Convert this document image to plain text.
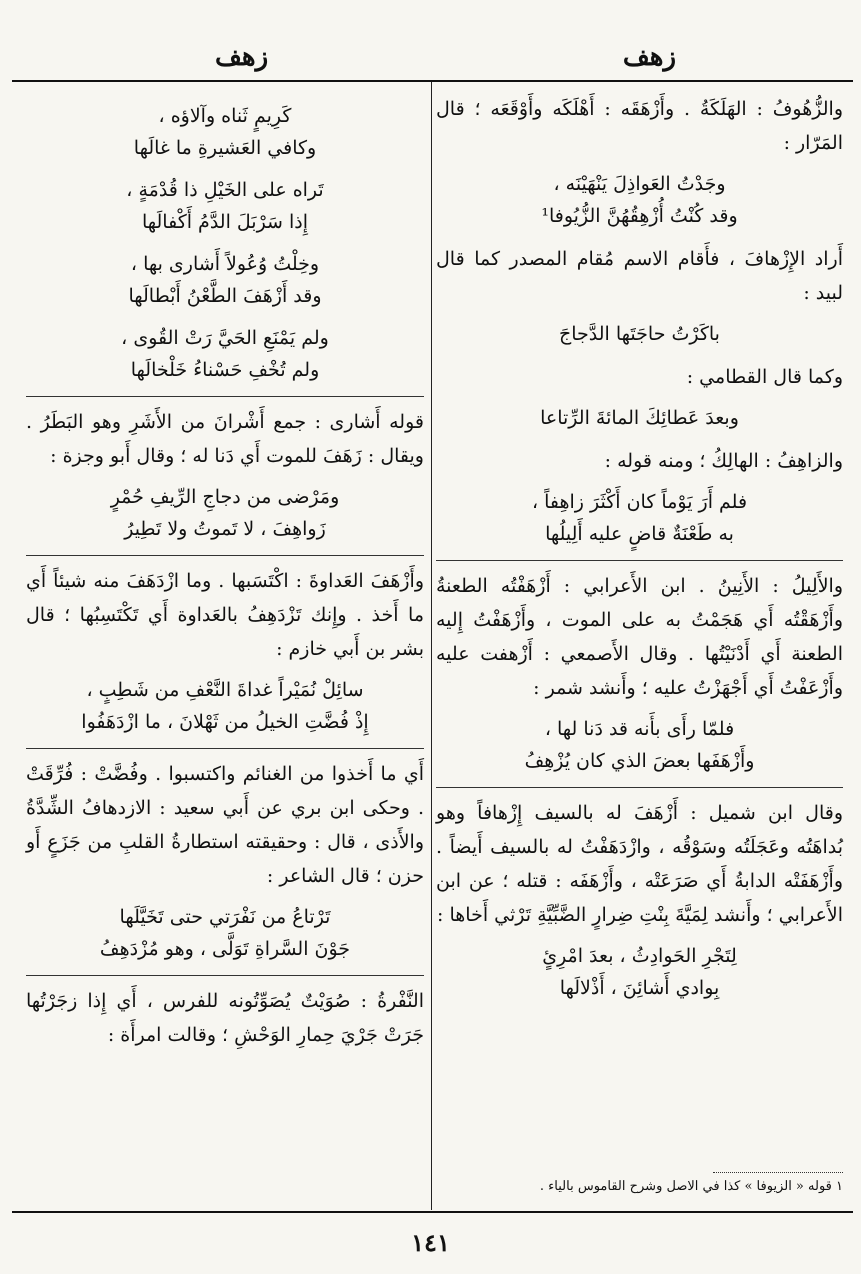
زهف
زهف

والزُّهُوفُ : الهَلَكَةُ . وأَزْهَقَه : أَهْلَكَه وأَوْقَعَه ؛ قال المَرّار :

وجَدْتُ العَواذِلَ يَنْهَيْنَه ،
وقد كُنْتُ أُزْهِقُهُنَّ الزُّيُوفا¹

أَراد الإِزْهافَ ، فأَقام الاسم مُقام المصدر كما قال لبيد :

باكَرْتُ حاجَتَها الدَّجاجَ

وكما قال القطامي :

وبعدَ عَطائِكَ المائةَ الرِّتاعا

والزاهِفُ : الهالِكُ ؛ ومنه قوله :

فلم أَرَ يَوْماً كان أَكْثَرَ زاهِفاً ،
به طَعْنَةٌ قاضٍ عليه أَلِيلُها

والأَلِيلُ : الأَنِينُ . ابن الأَعرابي : أَزْهَفْتُه الطعنةُ وأَزْهَقْتُه أَي هَجَمْتُ به على الموت ، وأَزْهَفْتُ إِليه الطعنة أَي أَدْنَيْتُها . وقال الأَصمعي : أَزْهفت عليه وأَزْعَفْتُ أَي أَجْهَزْتُ عليه ؛ وأَنشد شمر :

فلمّا رأَى بأَنه قد دَنا لها ،
وأَزْهَفَها بعضَ الذي كان يُزْهِفُ

وقال ابن شميل : أَزْهَفَ له بالسيف إِزْهافاً وهو بُداهَتُه وعَجَلَتُه وسَوْقُه ، وازْدَهَفْتُ له بالسيف أَيضاً . وأَزْهَفَتْه الدابةُ أَي صَرَعَتْه ، وأَزْهَفَه : قتله ؛ عن ابن الأَعرابي ؛ وأَنشد لِمَيَّةَ بِنْتِ ضِرارٍ الضَّبِّيَّةِ تَرْثي أَخاها :

لِتَجْرِ الحَوادِثُ ، بعدَ امْرِئٍ
بِوادي أَشائِنَ ، أَذْلالَها
١ قوله « الزيوفا » كذا في الاصل وشرح القاموس بالياء .
كَرِيمٍ ثَناه وآلاؤه ،
وكافي العَشيرةِ ما غالَها
تَراه على الخَيْلِ ذا قُدْمَةٍ ،
إِذا سَرْبَلَ الدَّمُ أَكْفالَها
وخِلْتُ وُعُولاً أَشارى بها ،
وقد أَزْهَفَ الطَّعْنُ أَبْطالَها
ولم يَمْنَعِ الحَيَّ رَتْ القُوى ،
ولم تُخْفِ حَسْناءُ خَلْخالَها

قوله أَشارى : جمع أَشْرانَ من الأَشَرِ وهو البَطَرُ . ويقال : زَهَفَ للموت أَي دَنا له ؛ وقال أَبو وجزة :

ومَرْضى من دجاجِ الرِّيفِ حُمْرٍ
زَواهِفَ ، لا تَموتُ ولا تَطِيرُ

وأَزْهَفَ العَداوةَ : اكْتَسَبها . وما ازْدَهَفَ منه شيئاً أَي ما أَخذ . وإِنك تَزْدَهِفُ بالعَداوة أَي تَكْتَسِبُها ؛ قال بشر بن أَبي خازم :

سائِلْ نُمَيْراً غداةَ النَّعْفِ من شَطِبٍ ،
إِذْ فُضَّتِ الخيلُ من ثَهْلانَ ، ما ازْدَهَفُوا

أَي ما أَخذوا من الغنائم واكتسبوا . وفُضَّتْ : فُرِّقَتْ . وحكى ابن بري عن أَبي سعيد : الازدهافُ الشِّدَّةُ والأَذى ، قال : وحقيقته استطارةُ القلبِ من جَزَعٍ أَو حزن ؛ قال الشاعر :

تَرْتاعُ من نَفْرَتي حتى تَخَيَّلَها
جَوْنَ السَّراةِ تَوَلَّى ، وهو مُزْدَهِفُ

النَّفْرةُ : صُوَيْتٌ يُصَوِّتُونه للفرس ، أَي إِذا زجَرْتُها جَرَتْ جَرْيَ حِمارِ الوَحْشِ ؛ وقالت امرأَة :

١٤١
